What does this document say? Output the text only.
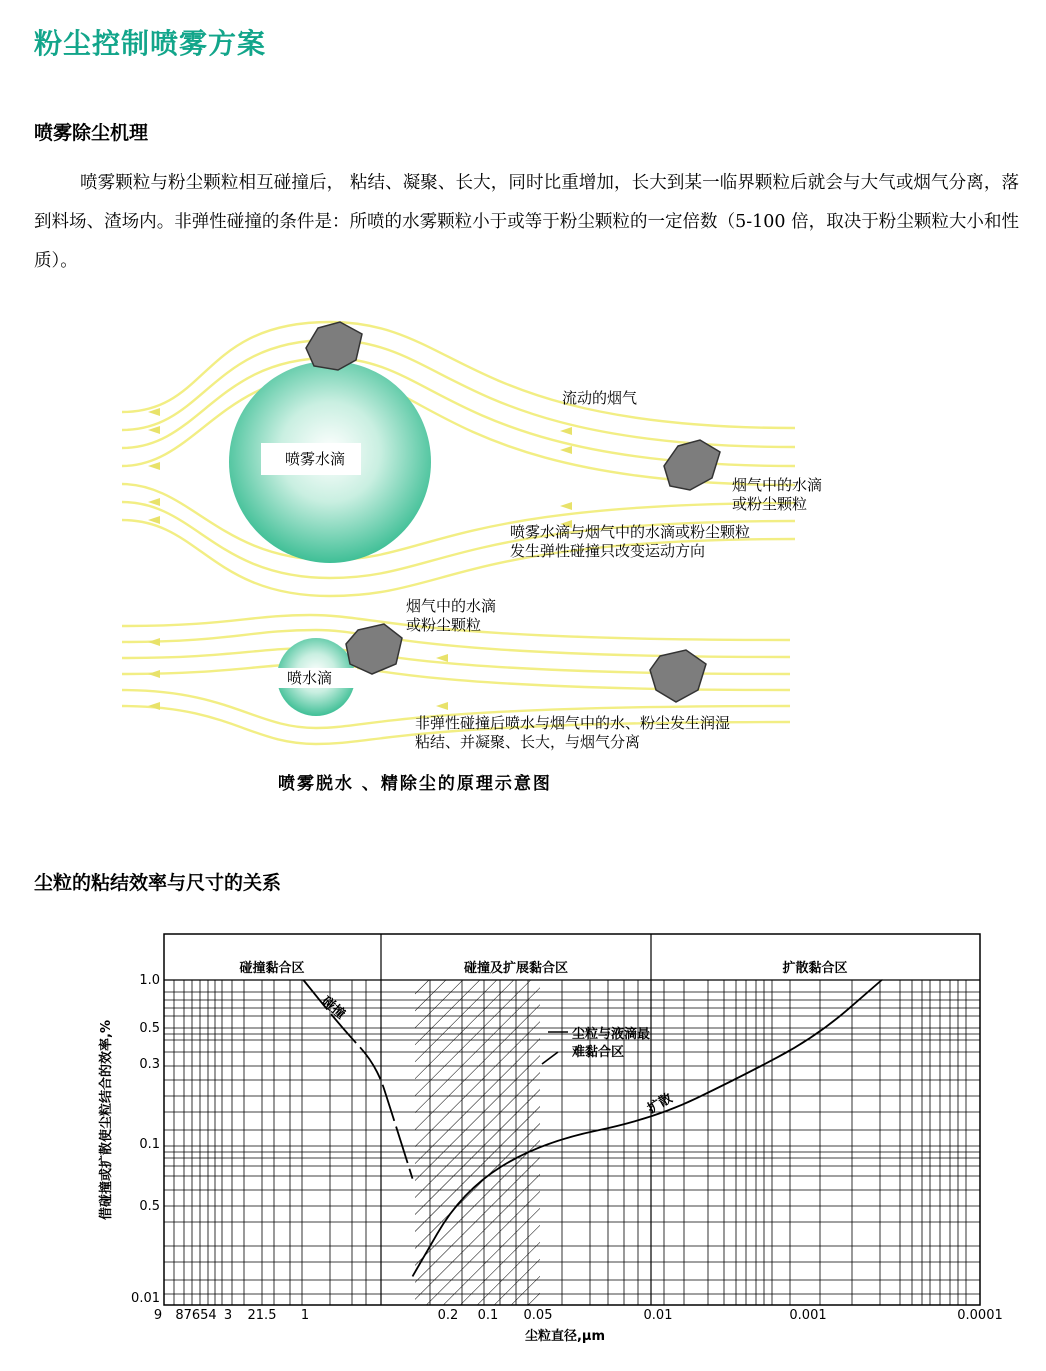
粉尘控制喷雾方案
喷雾除尘机理
喷雾颗粒与粉尘颗粒相互碰撞后， 粘结、凝聚、长大，同时比重增加，长大到某一临界颗粒后就会与大气或烟气分离，落到料场、渣场内。非弹性碰撞的条件是：所喷的水雾颗粒小于或等于粉尘颗粒的一定倍数（5-100 倍，取决于粉尘颗粒大小和性质）。
喷雾水滴
流动的烟气
烟气中的水滴
或粉尘颗粒
喷雾水滴与烟气中的水滴或粉尘颗粒
发生弹性碰撞只改变运动方向
喷水滴
烟气中的水滴
或粉尘颗粒
非弹性碰撞后喷水与烟气中的水、粉尘发生润湿
粘结、并凝聚、长大，与烟气分离
喷雾脱水 、精除尘的原理示意图
尘粒的粘结效率与尺寸的关系
碰撞黏合区	碰撞及扩展黏合区	扩散黏合区
1.0
0.5
0.3
0.1
0.5
0.01
9 87654 3 21.5 1	0.2 0.1 0.05	0.01	0.001	0.0001
尘粒直径,μm
借碰撞或扩散使尘粒结合的效率,%	尘粒与液滴最
难黏合区
碰撞
扩散
